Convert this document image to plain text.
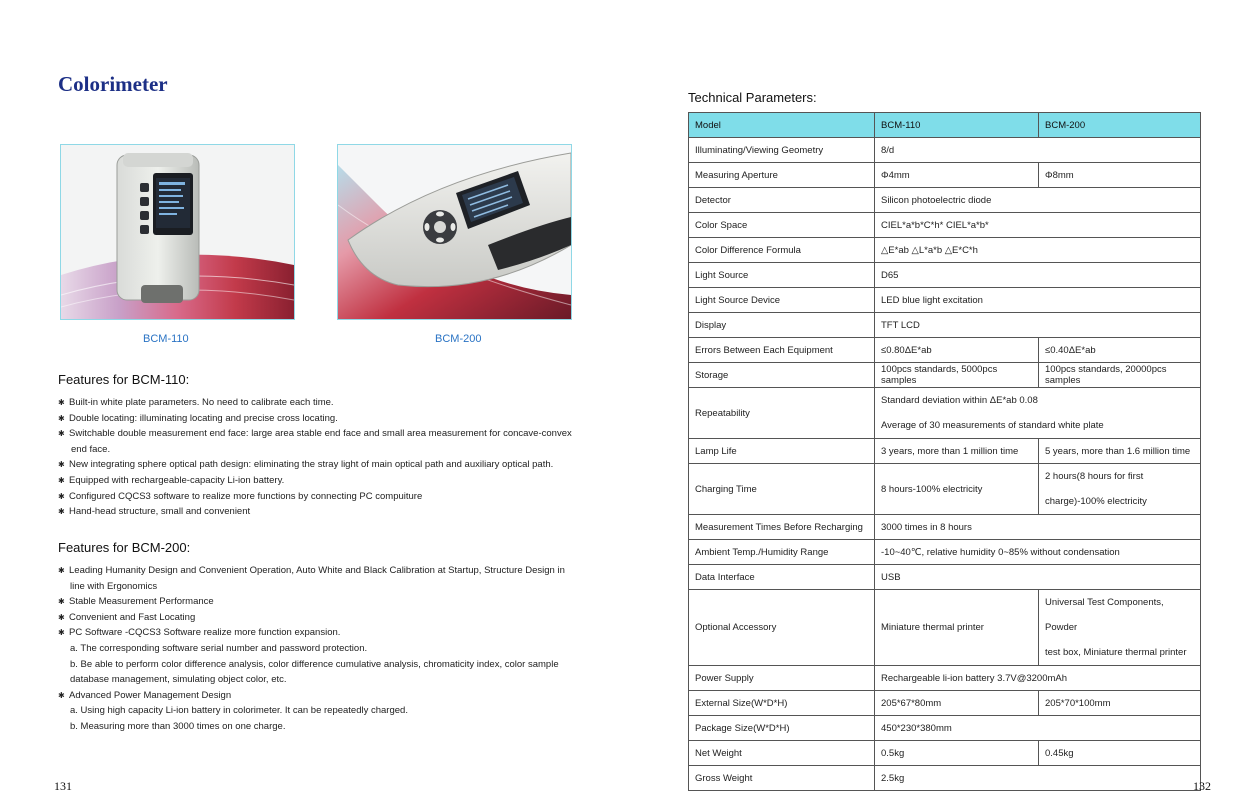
Colorimeter
BCM-110	BCM-200
Features for BCM-110:
✱ Built-in white plate parameters. No need to calibrate each time.
✱ Double locating: illuminating locating and precise cross locating.
✱ Switchable double measurement end face: large area stable end face and small area measurement for concave-convex
end face.
✱ New integrating sphere optical path design: eliminating the stray light of main optical path and auxiliary optical path.
✱ Equipped with rechargeable-capacity Li-ion battery.
✱ Configured CQCS3 software to realize more functions by connecting PC compuiture
✱ Hand-head structure, small and convenient
Features for BCM-200:
✱ Leading Humanity Design and Convenient Operation, Auto White and Black Calibration at Startup, Structure Design in
line with Ergonomics
✱ Stable Measurement Performance
✱ Convenient and Fast Locating
✱ PC Software -CQCS3 Software realize more function expansion.
a. The corresponding software serial number and password protection.
b. Be able to perform color difference analysis, color difference cumulative analysis, chromaticity index, color sample
database management, simulating object color, etc.
✱ Advanced Power Management Design
a. Using high capacity Li-ion battery in colorimeter. It can be repeatedly charged.
b. Measuring more than 3000 times on one charge.
131
Technical Parameters:
Model	BCM-110	BCM-200
Illuminating/Viewing Geometry	8/d	
Measuring Aperture	Φ4mm	Φ8mm
Detector	Silicon photoelectric diode	
Color Space	CIEL*a*b*C*h* CIEL*a*b*	
Color Difference Formula	△E*ab △L*a*b △E*C*h	
Light Source	D65	
Light Source Device	LED blue light excitation	
Display	TFT LCD	
Errors Between Each Equipment	≤0.80ΔE*ab	≤0.40ΔE*ab
Storage	100pcs standards, 5000pcs samples	100pcs standards, 20000pcs samples
Repeatability	Standard deviation within ΔE*ab 0.08
Average of 30 measurements of standard white plate	

Lamp Life	3 years, more than 1 million time	5 years, more than 1.6 million time
Charging Time	8 hours-100% electricity	2 hours(8 hours for first
charge)-100% electricity

Measurement Times Before Recharging	3000 times in 8 hours	
Ambient Temp./Humidity Range	-10~40℃, relative humidity 0~85% without condensation	
Data Interface	USB	
Optional Accessory	Miniature thermal printer	Universal Test Components, Powder
test box, Miniature thermal printer

Power Supply	Rechargeable li-ion battery 3.7V@3200mAh	
External Size(W*D*H)	205*67*80mm	205*70*100mm
Package Size(W*D*H)	450*230*380mm	
Net Weight	0.5kg	0.45kg
Gross Weight	2.5kg	
132
